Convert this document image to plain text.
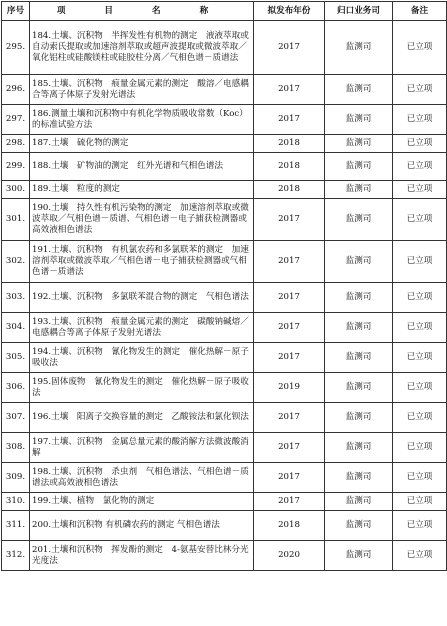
序号	项 目 名 称	拟发布年份	归口业务司	备注
295.	184.土壤、沉积物　半挥发性有机物的测定　液液萃取或自动索氏提取或加速溶剂萃取或超声波提取或微波萃取／氧化铝柱或硅酸镁柱或硅胶柱分离／气相色谱－质谱法	2017	监测司	已立项
296.	185.土壤、沉积物　痕量金属元素的测定　酸溶／电感耦合等离子体原子发射光谱法	2017	监测司	已立项
297.	186.测量土壤和沉积物中有机化学物质吸收常数（Koc）的标准试验方法	2017	监测司	已立项
298.	187.土壤　硫化物的测定	2018	监测司	已立项
299.	188.土壤　矿物油的测定　红外光谱和气相色谱法	2018	监测司	已立项
300.	189.土壤　粒度的测定	2018	监测司	已立项
301.	190.土壤　持久性有机污染物的测定　加速溶剂萃取或微波萃取／气相色谱－质谱、气相色谱－电子捕获检测器或高效液相色谱法	2017	监测司	已立项
302.	191.土壤、沉积物　有机氯农药和多氯联苯的测定　加速溶剂萃取或微波萃取／气相色谱－电子捕获检测器或气相色谱－质谱法	2017	监测司	已立项
303.	192.土壤、沉积物　多氯联苯混合物的测定　气相色谱法	2017	监测司	已立项
304.	193.土壤、沉积物　痕量金属元素的测定　碳酸钠碱熔／电感耦合等离子体原子发射光谱法	2017	监测司	已立项
305.	194.土壤、沉积物　氰化物发生的测定　催化热解－原子吸收法	2017	监测司	已立项
306.	195.固体废物　氰化物发生的测定　催化热解－原子吸收法	2019	监测司	已立项
307.	196.土壤　阳离子交换容量的测定　乙酸铵法和氯化钡法	2017	监测司	已立项
308.	197.土壤、沉积物　金属总量元素的酸消解方法微波酸消解	2017	监测司	已立项
309.	198.土壤、沉积物　杀虫剂　气相色谱法、气相色谱－质谱法或高效液相色谱法	2017	监测司	已立项
310.	199.土壤、植物　氯化物的测定	2017	监测司	已立项
311.	200.土壤和沉积物 有机磷农药的测定 气相色谱法	2018	监测司	已立项
312.	201.土壤和沉积物　挥发酚的测定　4-氨基安替比林分光光度法	2020	监测司	已立项
